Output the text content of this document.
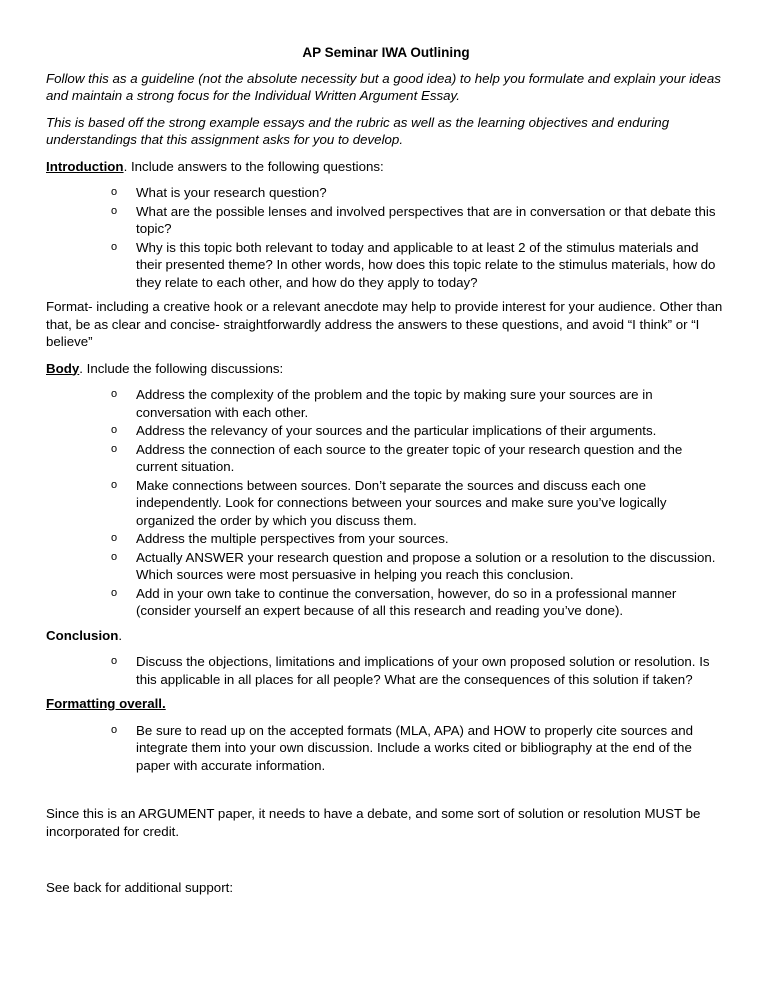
AP Seminar IWA Outlining

Follow this as a guideline (not the absolute necessity but a good idea) to help you formulate and explain your ideas and maintain a strong focus for the Individual Written Argument Essay.

This is based off the strong example essays and the rubric as well as the learning objectives and enduring understandings that this assignment asks for you to develop.

Introduction. Include answers to the following questions:

o What is your research question?
o What are the possible lenses and involved perspectives that are in conversation or that debate this topic?
o Why is this topic both relevant to today and applicable to at least 2 of the stimulus materials and their presented theme? In other words, how does this topic relate to the stimulus materials, how do they relate to each other, and how do they apply to today?

Format- including a creative hook or a relevant anecdote may help to provide interest for your audience. Other than that, be as clear and concise- straightforwardly address the answers to these questions, and avoid “I think” or “I believe”

Body. Include the following discussions:

o Address the complexity of the problem and the topic by making sure your sources are in conversation with each other.
o Address the relevancy of your sources and the particular implications of their arguments.
o Address the connection of each source to the greater topic of your research question and the current situation.
o Make connections between sources. Don’t separate the sources and discuss each one independently. Look for connections between your sources and make sure you’ve logically organized the order by which you discuss them.
o Address the multiple perspectives from your sources.
o Actually ANSWER your research question and propose a solution or a resolution to the discussion. Which sources were most persuasive in helping you reach this conclusion.
o Add in your own take to continue the conversation, however, do so in a professional manner (consider yourself an expert because of all this research and reading you’ve done).

Conclusion.

o Discuss the objections, limitations and implications of your own proposed solution or resolution. Is this applicable in all places for all people? What are the consequences of this solution if taken?

Formatting overall.

o Be sure to read up on the accepted formats (MLA, APA) and HOW to properly cite sources and integrate them into your own discussion. Include a works cited or bibliography at the end of the paper with accurate information.

Since this is an ARGUMENT paper, it needs to have a debate, and some sort of solution or resolution MUST be incorporated for credit.

See back for additional support:
